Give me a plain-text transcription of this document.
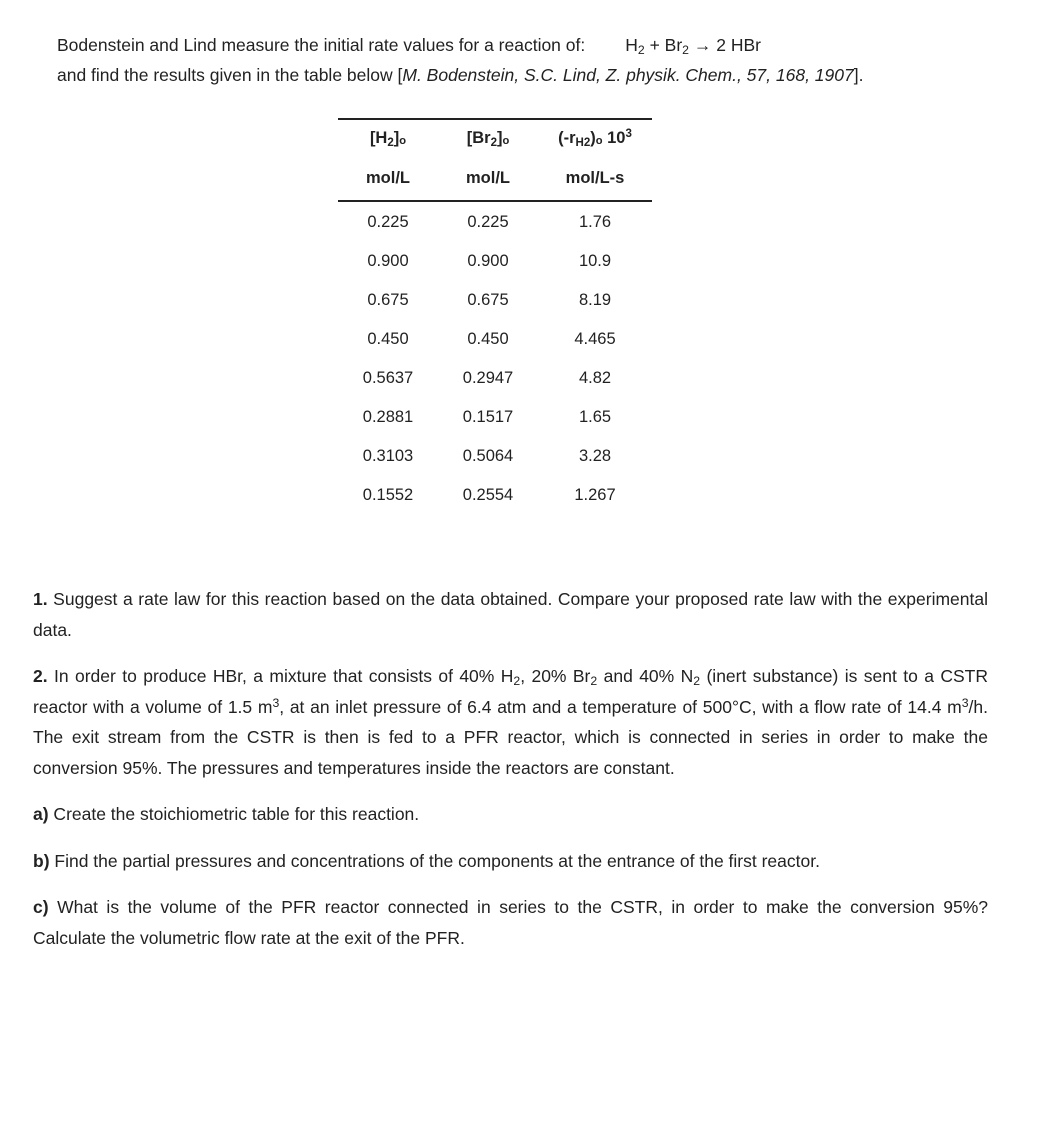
Bodenstein and Lind measure the initial rate values for a reaction of: $H_2 + Br_2 \to 2$ HBr
and find the results given in the table below [M. Bodenstein, S.C. Lind, Z. physik. Chem., 57, 168, 1907].
$[H_2]_o$	$[Br_2]_o$	$(-r_{H2})_o$ $10^3$
mol/L	mol/L	mol/L-s
0.225	0.225	1.76
0.900	0.900	10.9
0.675	0.675	8.19
0.450	0.450	4.465
0.5637	0.2947	4.82
0.2881	0.1517	1.65
0.3103	0.5064	3.28
0.1552	0.2554	1.267

1. Suggest a rate law for this reaction based on the data obtained. Compare your proposed rate law with the experimental data.

2. In order to produce HBr, a mixture that consists of 40% $H_2$, 20% $Br_2$ and 40% $N_2$ (inert substance) is sent to a CSTR reactor with a volume of 1.5 $m^3$, at an inlet pressure of 6.4 atm and a temperature of 500°C, with a flow rate of 14.4 $m^3/h$. The exit stream from the CSTR is then is fed to a PFR reactor, which is connected in series in order to make the conversion 95%. The pressures and temperatures inside the reactors are constant.

a) Create the stoichiometric table for this reaction.

b) Find the partial pressures and concentrations of the components at the entrance of the first reactor.

c) What is the volume of the PFR reactor connected in series to the CSTR, in order to make the conversion 95%? Calculate the volumetric flow rate at the exit of the PFR.
